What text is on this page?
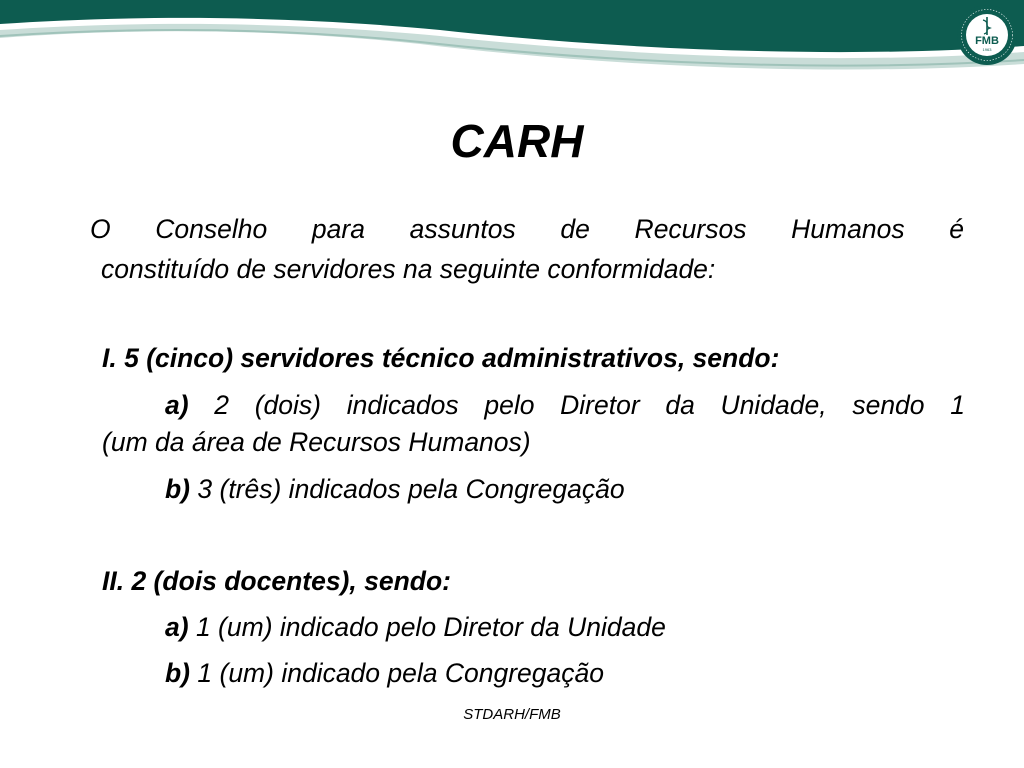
FMB
1963
CARH
O Conselho para assuntos de Recursos Humanos é
constituído de servidores na seguinte conformidade:
I. 5 (cinco) servidores técnico administrativos, sendo:
a) 2 (dois) indicados pelo Diretor da Unidade, sendo 1
(um da área de Recursos Humanos)
b) 3 (três) indicados pela Congregação
II. 2 (dois docentes), sendo:
a) 1 (um) indicado pelo Diretor da Unidade
b) 1 (um) indicado pela Congregação
STDARH/FMB
